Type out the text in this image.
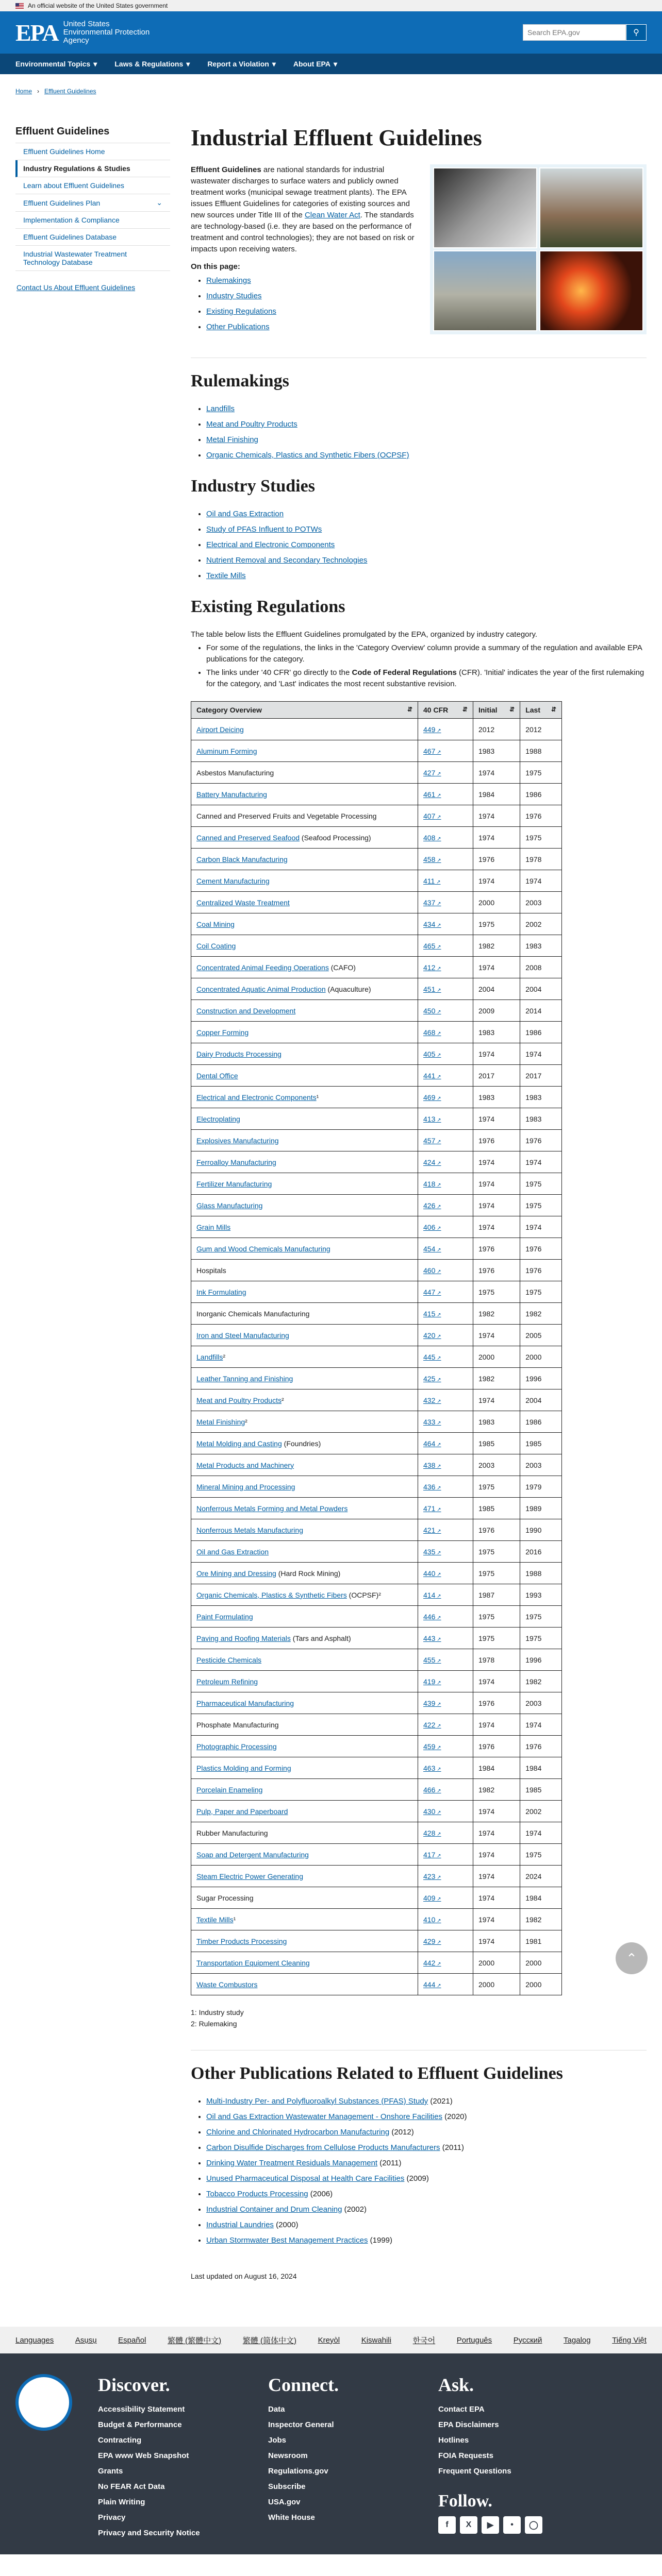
An official website of the United States government
EPA United States
Environmental Protection
Agency
Search EPA.gov
⚲
Environmental Topics ▾ Laws & Regulations ▾ Report a Violation ▾ About EPA ▾
Home › Effluent Guidelines
Effluent Guidelines
Effluent Guidelines Home
Industry Regulations & Studies
Learn about Effluent Guidelines
Effluent Guidelines Plan	⌄
Implementation & Compliance
Effluent Guidelines Database
Industrial Wastewater Treatment Technology Database
Contact Us About Effluent Guidelines
Industrial Effluent Guidelines

Effluent Guidelines are national standards for industrial wastewater discharges to surface waters and publicly owned treatment works (municipal sewage treatment plants). The EPA issues Effluent Guidelines for categories of existing sources and new sources under Title III of the Clean Water Act. The standards are technology-based (i.e. they are based on the performance of treatment and control technologies); they are not based on risk or impacts upon receiving waters.

On this page:
• Rulemakings
• Industry Studies
• Existing Regulations
• Other Publications
Rulemakings
• Landfills
• Meat and Poultry Products
• Metal Finishing
• Organic Chemicals, Plastics and Synthetic Fibers (OCPSF)
Industry Studies
• Oil and Gas Extraction
• Study of PFAS Influent to POTWs
• Electrical and Electronic Components
• Nutrient Removal and Secondary Technologies
• Textile Mills
Existing Regulations

The table below lists the Effluent Guidelines promulgated by the EPA, organized by industry category.

• For some of the regulations, the links in the 'Category Overview' column provide a summary of the regulation and available EPA publications for the category.
• The links under '40 CFR' go directly to the Code of Federal Regulations (CFR). 'Initial' indicates the year of the first rulemaking for the category, and 'Last' indicates the most recent substantive revision.
Category Overview ⇵	40 CFR ⇵	Initial ⇵	Last ⇵

Airport Deicing	449 ↗	2012	2012
Aluminum Forming	467 ↗	1983	1988
Asbestos Manufacturing	427 ↗	1974	1975
Battery Manufacturing	461 ↗	1984	1986
Canned and Preserved Fruits and Vegetable Processing	407 ↗	1974	1976
Canned and Preserved Seafood (Seafood Processing)	408 ↗	1974	1975
Carbon Black Manufacturing	458 ↗	1976	1978
Cement Manufacturing	411 ↗	1974	1974
Centralized Waste Treatment	437 ↗	2000	2003
Coal Mining	434 ↗	1975	2002
Coil Coating	465 ↗	1982	1983
Concentrated Animal Feeding Operations (CAFO)	412 ↗	1974	2008
Concentrated Aquatic Animal Production (Aquaculture)	451 ↗	2004	2004
Construction and Development	450 ↗	2009	2014
Copper Forming	468 ↗	1983	1986
Dairy Products Processing	405 ↗	1974	1974
Dental Office	441 ↗	2017	2017
Electrical and Electronic Components¹	469 ↗	1983	1983
Electroplating	413 ↗	1974	1983
Explosives Manufacturing	457 ↗	1976	1976
Ferroalloy Manufacturing	424 ↗	1974	1974
Fertilizer Manufacturing	418 ↗	1974	1975
Glass Manufacturing	426 ↗	1974	1975
Grain Mills	406 ↗	1974	1974
Gum and Wood Chemicals Manufacturing	454 ↗	1976	1976
Hospitals	460 ↗	1976	1976
Ink Formulating	447 ↗	1975	1975
Inorganic Chemicals Manufacturing	415 ↗	1982	1982
Iron and Steel Manufacturing	420 ↗	1974	2005
Landfills²	445 ↗	2000	2000
Leather Tanning and Finishing	425 ↗	1982	1996
Meat and Poultry Products²	432 ↗	1974	2004
Metal Finishing²	433 ↗	1983	1986
Metal Molding and Casting (Foundries)	464 ↗	1985	1985
Metal Products and Machinery	438 ↗	2003	2003
Mineral Mining and Processing	436 ↗	1975	1979
Nonferrous Metals Forming and Metal Powders	471 ↗	1985	1989
Nonferrous Metals Manufacturing	421 ↗	1976	1990
Oil and Gas Extraction	435 ↗	1975	2016
Ore Mining and Dressing (Hard Rock Mining)	440 ↗	1975	1988
Organic Chemicals, Plastics & Synthetic Fibers (OCPSF)²	414 ↗	1987	1993
Paint Formulating	446 ↗	1975	1975
Paving and Roofing Materials (Tars and Asphalt)	443 ↗	1975	1975
Pesticide Chemicals	455 ↗	1978	1996
Petroleum Refining	419 ↗	1974	1982
Pharmaceutical Manufacturing	439 ↗	1976	2003
Phosphate Manufacturing	422 ↗	1974	1974
Photographic Processing	459 ↗	1976	1976
Plastics Molding and Forming	463 ↗	1984	1984
Porcelain Enameling	466 ↗	1982	1985
Pulp, Paper and Paperboard	430 ↗	1974	2002
Rubber Manufacturing	428 ↗	1974	1974
Soap and Detergent Manufacturing	417 ↗	1974	1975
Steam Electric Power Generating	423 ↗	1974	2024
Sugar Processing	409 ↗	1974	1984
Textile Mills¹	410 ↗	1974	1982
Timber Products Processing	429 ↗	1974	1981
Transportation Equipment Cleaning	442 ↗	2000	2000
Waste Combustors	444 ↗	2000	2000
1: Industry study
2: Rulemaking
Other Publications Related to Effluent Guidelines
• Multi-Industry Per- and Polyfluoroalkyl Substances (PFAS) Study (2021)
• Oil and Gas Extraction Wastewater Management - Onshore Facilities (2020)
• Chlorine and Chlorinated Hydrocarbon Manufacturing (2012)
• Carbon Disulfide Discharges from Cellulose Products Manufacturers (2011)
• Drinking Water Treatment Residuals Management (2011)
• Unused Pharmaceutical Disposal at Health Care Facilities (2009)
• Tobacco Products Processing (2006)
• Industrial Container and Drum Cleaning (2002)
• Industrial Laundries (2000)
• Urban Stormwater Best Management Practices (1999)
Last updated on August 16, 2024
⌃
Languages	Asụsụ	Español	繁體 (繁體中文)	繁體 (简体中文)	Kreyòl	Kiswahili	한국어	Português	Русский	Tagalog	Tiếng Việt
Discover.
Accessibility Statement
Budget & Performance
Contracting
EPA www Web Snapshot
Grants
No FEAR Act Data
Plain Writing
Privacy
Privacy and Security Notice
Connect.
Data
Inspector General
Jobs
Newsroom
Regulations.gov
Subscribe
USA.gov
White House
Ask.
Contact EPA
EPA Disclaimers
Hotlines
FOIA Requests
Frequent Questions
Follow.
f	X	▶	•	◯
